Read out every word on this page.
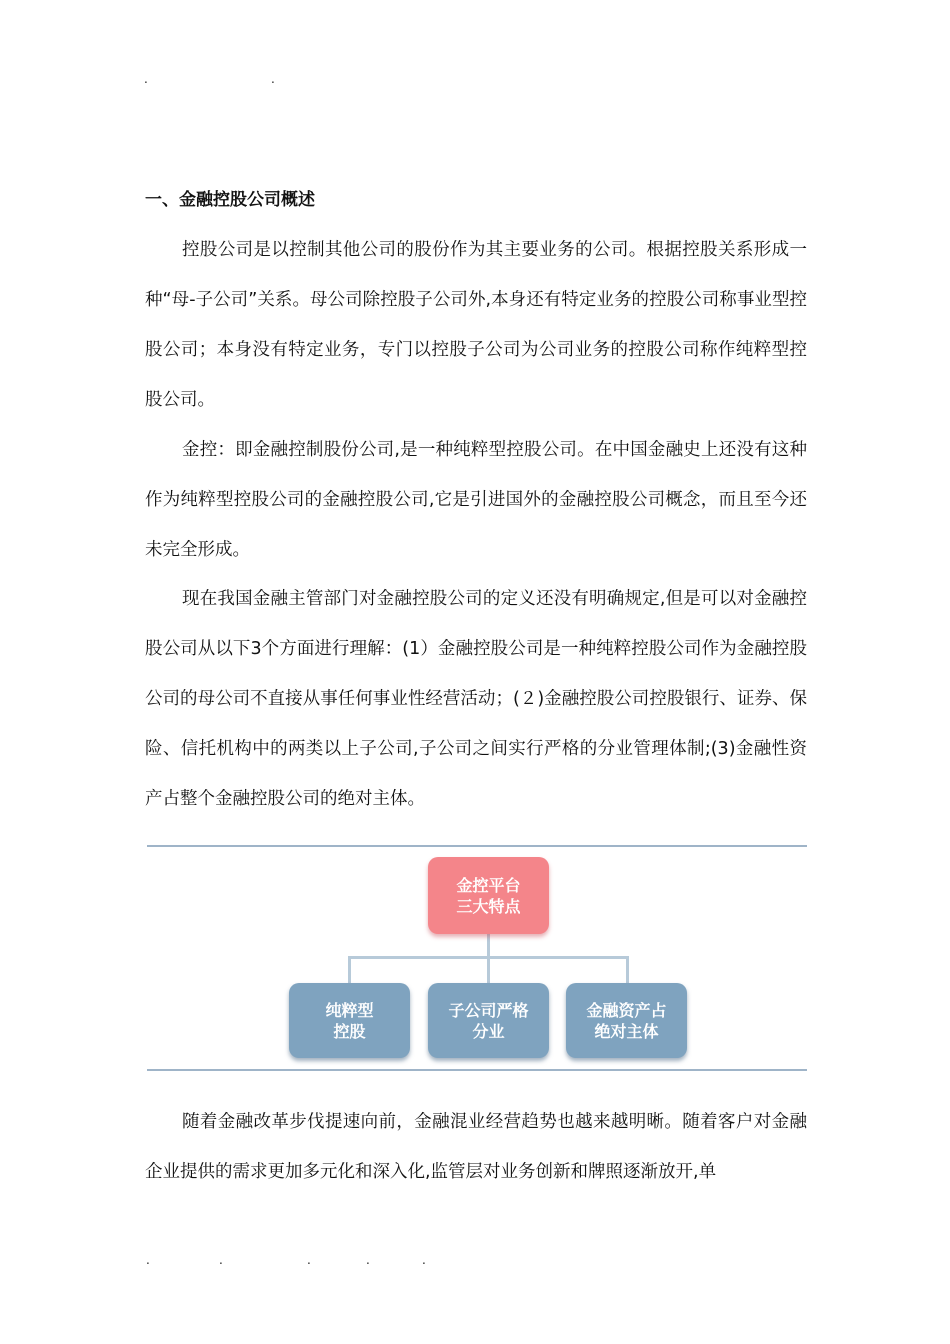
.	.
一、金融控股公司概述

控股公司是以控制其他公司的股份作为其主要业务的公司。根据控股关系形成一种“母-子公司”关系。母公司除控股子公司外,本身还有特定业务的控股公司称事业型控股公司；本身没有特定业务，专门以控股子公司为公司业务的控股公司称作纯粹型控股公司。

金控：即金融控制股份公司,是一种纯粹型控股公司。在中国金融史上还没有这种作为纯粹型控股公司的金融控股公司,它是引进国外的金融控股公司概念，而且至今还未完全形成。

现在我国金融主管部门对金融控股公司的定义还没有明确规定,但是可以对金融控股公司从以下3个方面进行理解：(1）金融控股公司是一种纯粹控股公司作为金融控股公司的母公司不直接从事任何事业性经营活动；(２)金融控股公司控股银行、证券、保险、信托机构中的两类以上子公司,子公司之间实行严格的分业管理体制;(3)金融性资产占整个金融控股公司的绝对主体。

金控平台
三大特点
纯粹型
控股
子公司严格
分业
金融资产占
绝对主体

随着金融改革步伐提速向前，金融混业经营趋势也越来越明晰。随着客户对金融企业提供的需求更加多元化和深入化,监管层对业务创新和牌照逐渐放开,单

.	.	.	.	.
